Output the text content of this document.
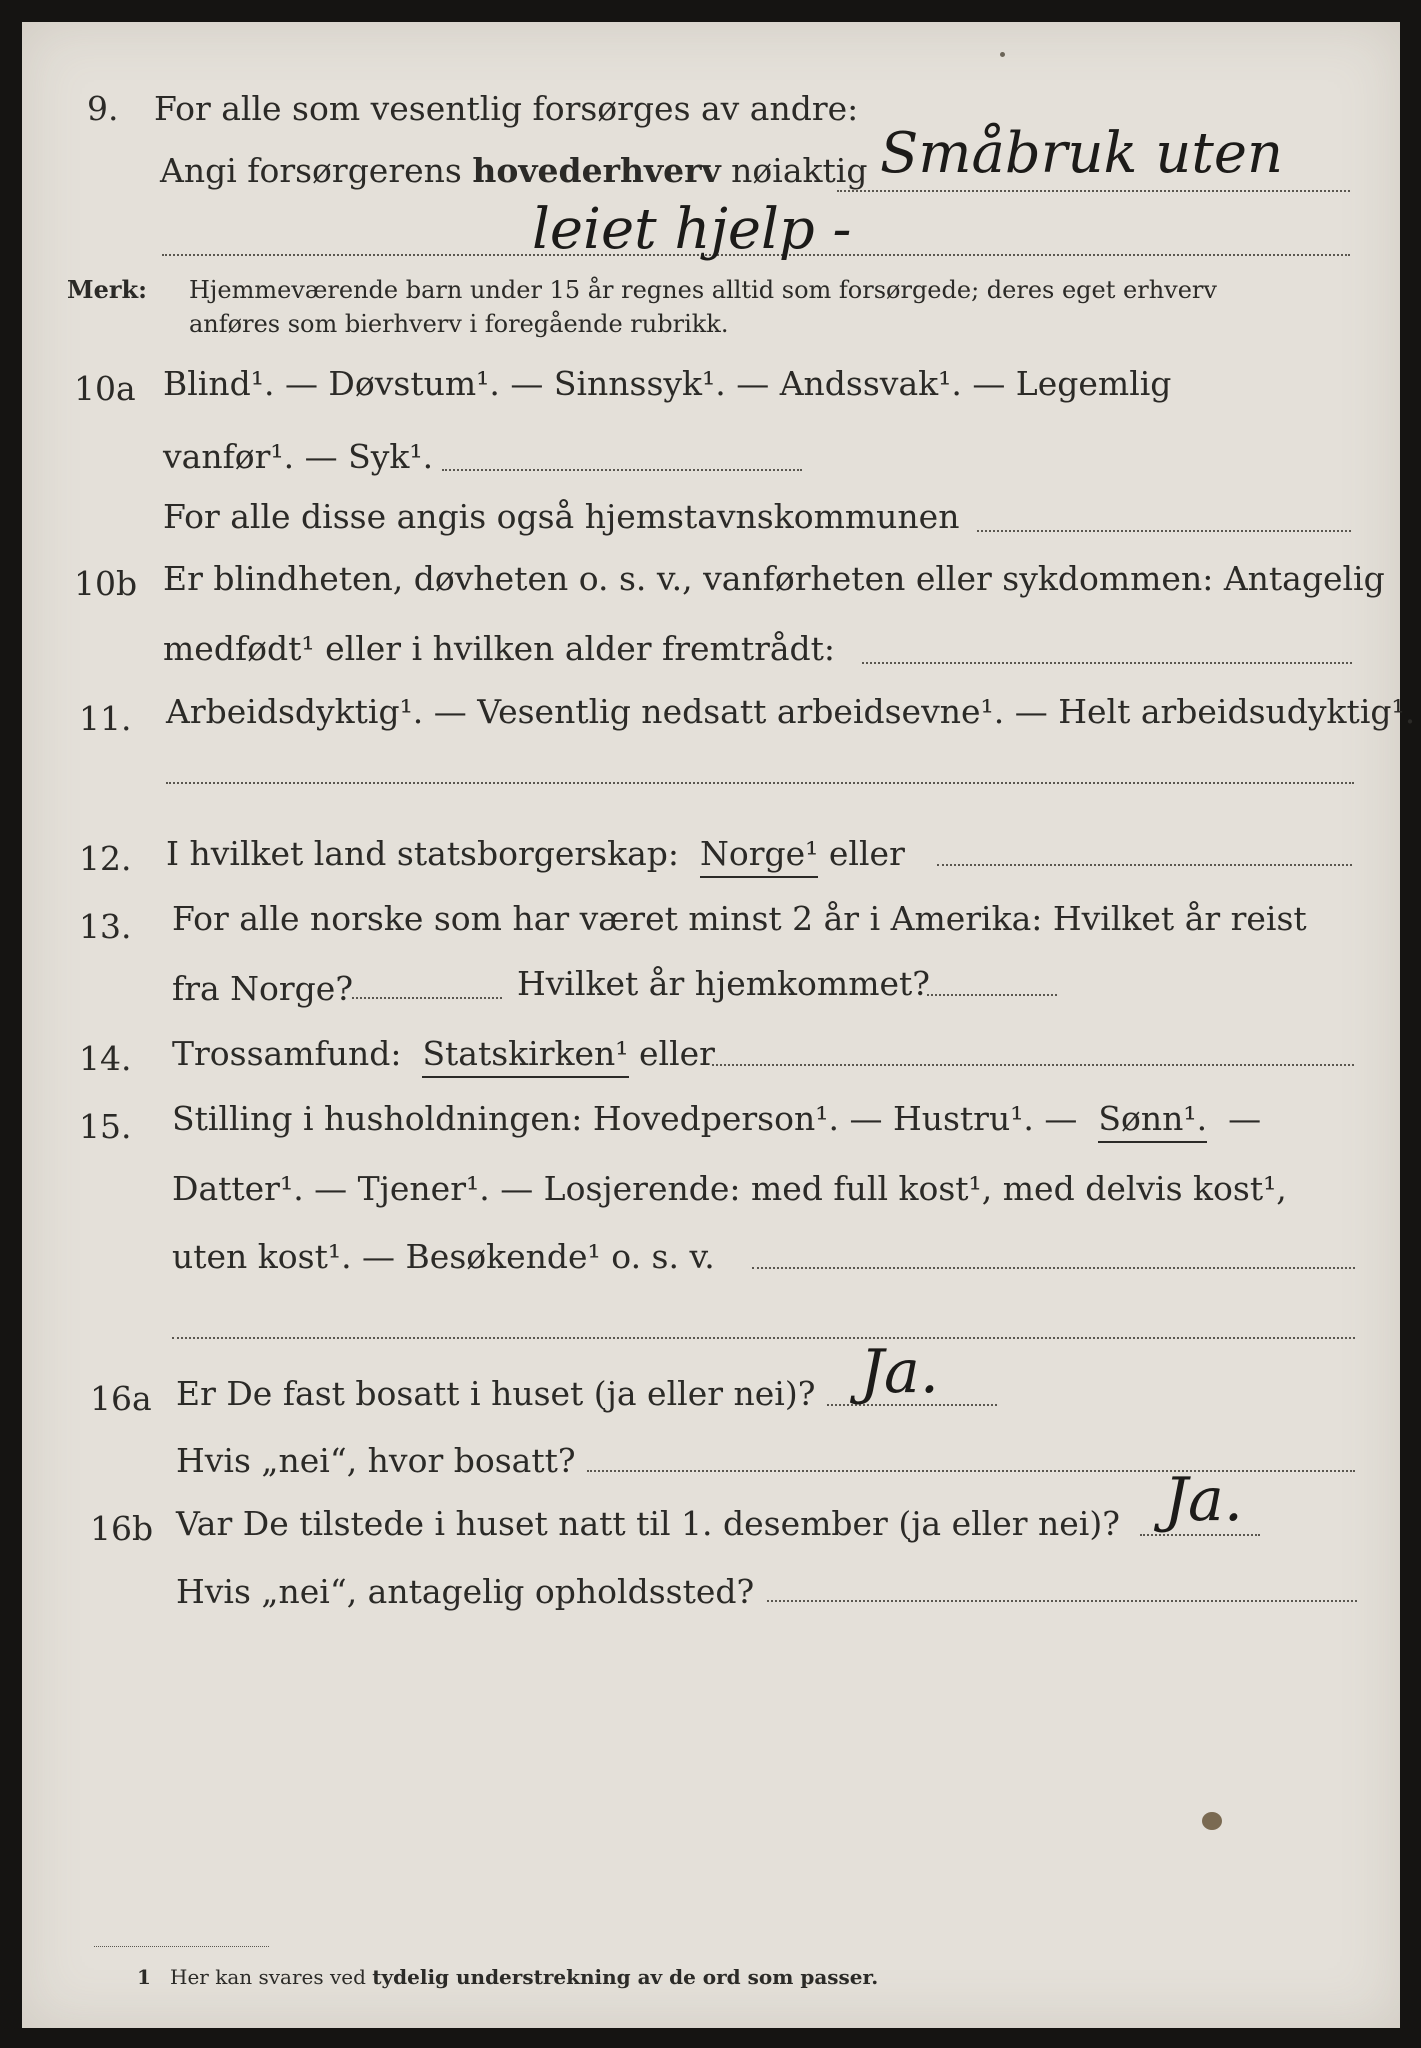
9. For alle som vesentlig forsørges av andre:
Angi forsørgerens hovederhverv nøiaktig Småbruk uten
leiet hjelp -
Merk: Hjemmeværende barn under 15 år regnes alltid som forsørgede; deres eget erhverv
anføres som bierhverv i foregående rubrikk.
10a Blind¹. — Døvstum¹. — Sinnssyk¹. — Andssvak¹. — Legemlig
vanfør¹. — Syk¹.
For alle disse angis også hjemstavnskommunen
10b Er blindheten, døvheten o. s. v., vanførheten eller sykdommen: Antagelig
medfødt¹ eller i hvilken alder fremtrådt:
11. Arbeidsdyktig¹. — Vesentlig nedsatt arbeidsevne¹. — Helt arbeidsudyktig¹.
12. I hvilket land statsborgerskap: Norge¹ eller
13. For alle norske som har været minst 2 år i Amerika: Hvilket år reist
fra Norge?	Hvilket år hjemkommet?
14. Trossamfund: Statskirken¹ eller
15. Stilling i husholdningen: Hovedperson¹. — Hustru¹. — Sønn¹. —
Datter¹. — Tjener¹. — Losjerende: med full kost¹, med delvis kost¹,
uten kost¹. — Besøkende¹ o. s. v.
16a Er De fast bosatt i huset (ja eller nei)? Ja.
Hvis „nei“, hvor bosatt?
16b Var De tilstede i huset natt til 1. desember (ja eller nei)? Ja.
Hvis „nei“, antagelig opholdssted?
1 Her kan svares ved tydelig understrekning av de ord som passer.
